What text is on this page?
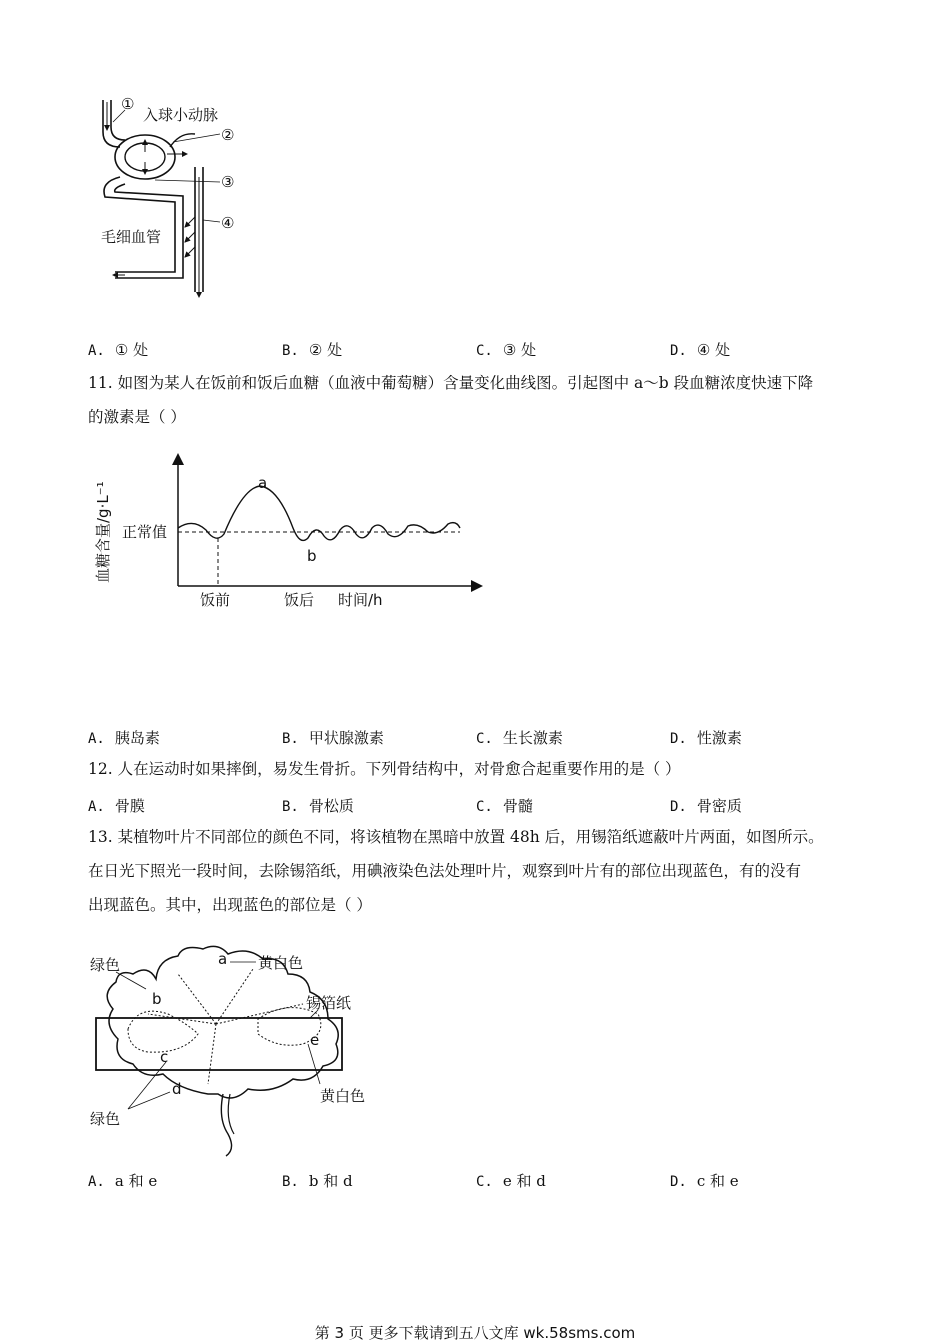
①
入球小动脉
②
③
④
毛细血管
A. ① 处	B. ② 处	C. ③ 处	D. ④ 处
11. 如图为某人在饭前和饭后血糖（血液中葡萄糖）含量变化曲线图。引起图中 a～b 段血糖浓度快速下降
的激素是（ ）
血糖含量/g·L⁻¹ 正常值
a
b
饭前	饭后 时间/h
A. 胰岛素	B. 甲状腺激素	C. 生长激素	D. 性激素
12. 人在运动时如果摔倒，易发生骨折。下列骨结构中，对骨愈合起重要作用的是（ ）
A. 骨膜	B. 骨松质	C. 骨髓	D. 骨密质
13. 某植物叶片不同部位的颜色不同，将该植物在黑暗中放置 48h 后，用锡箔纸遮蔽叶片两面，如图所示。
在日光下照光一段时间，去除锡箔纸，用碘液染色法处理叶片，观察到叶片有的部位出现蓝色，有的没有
出现蓝色。其中，出现蓝色的部位是（ ）
绿色	a 黄白色
b	锡箔纸
e
c
d	黄白色
绿色
A. a 和 e	B. b 和 d	C. e 和 d	D. c 和 e
第 3 页 更多下载请到五八文库 wk.58sms.com
